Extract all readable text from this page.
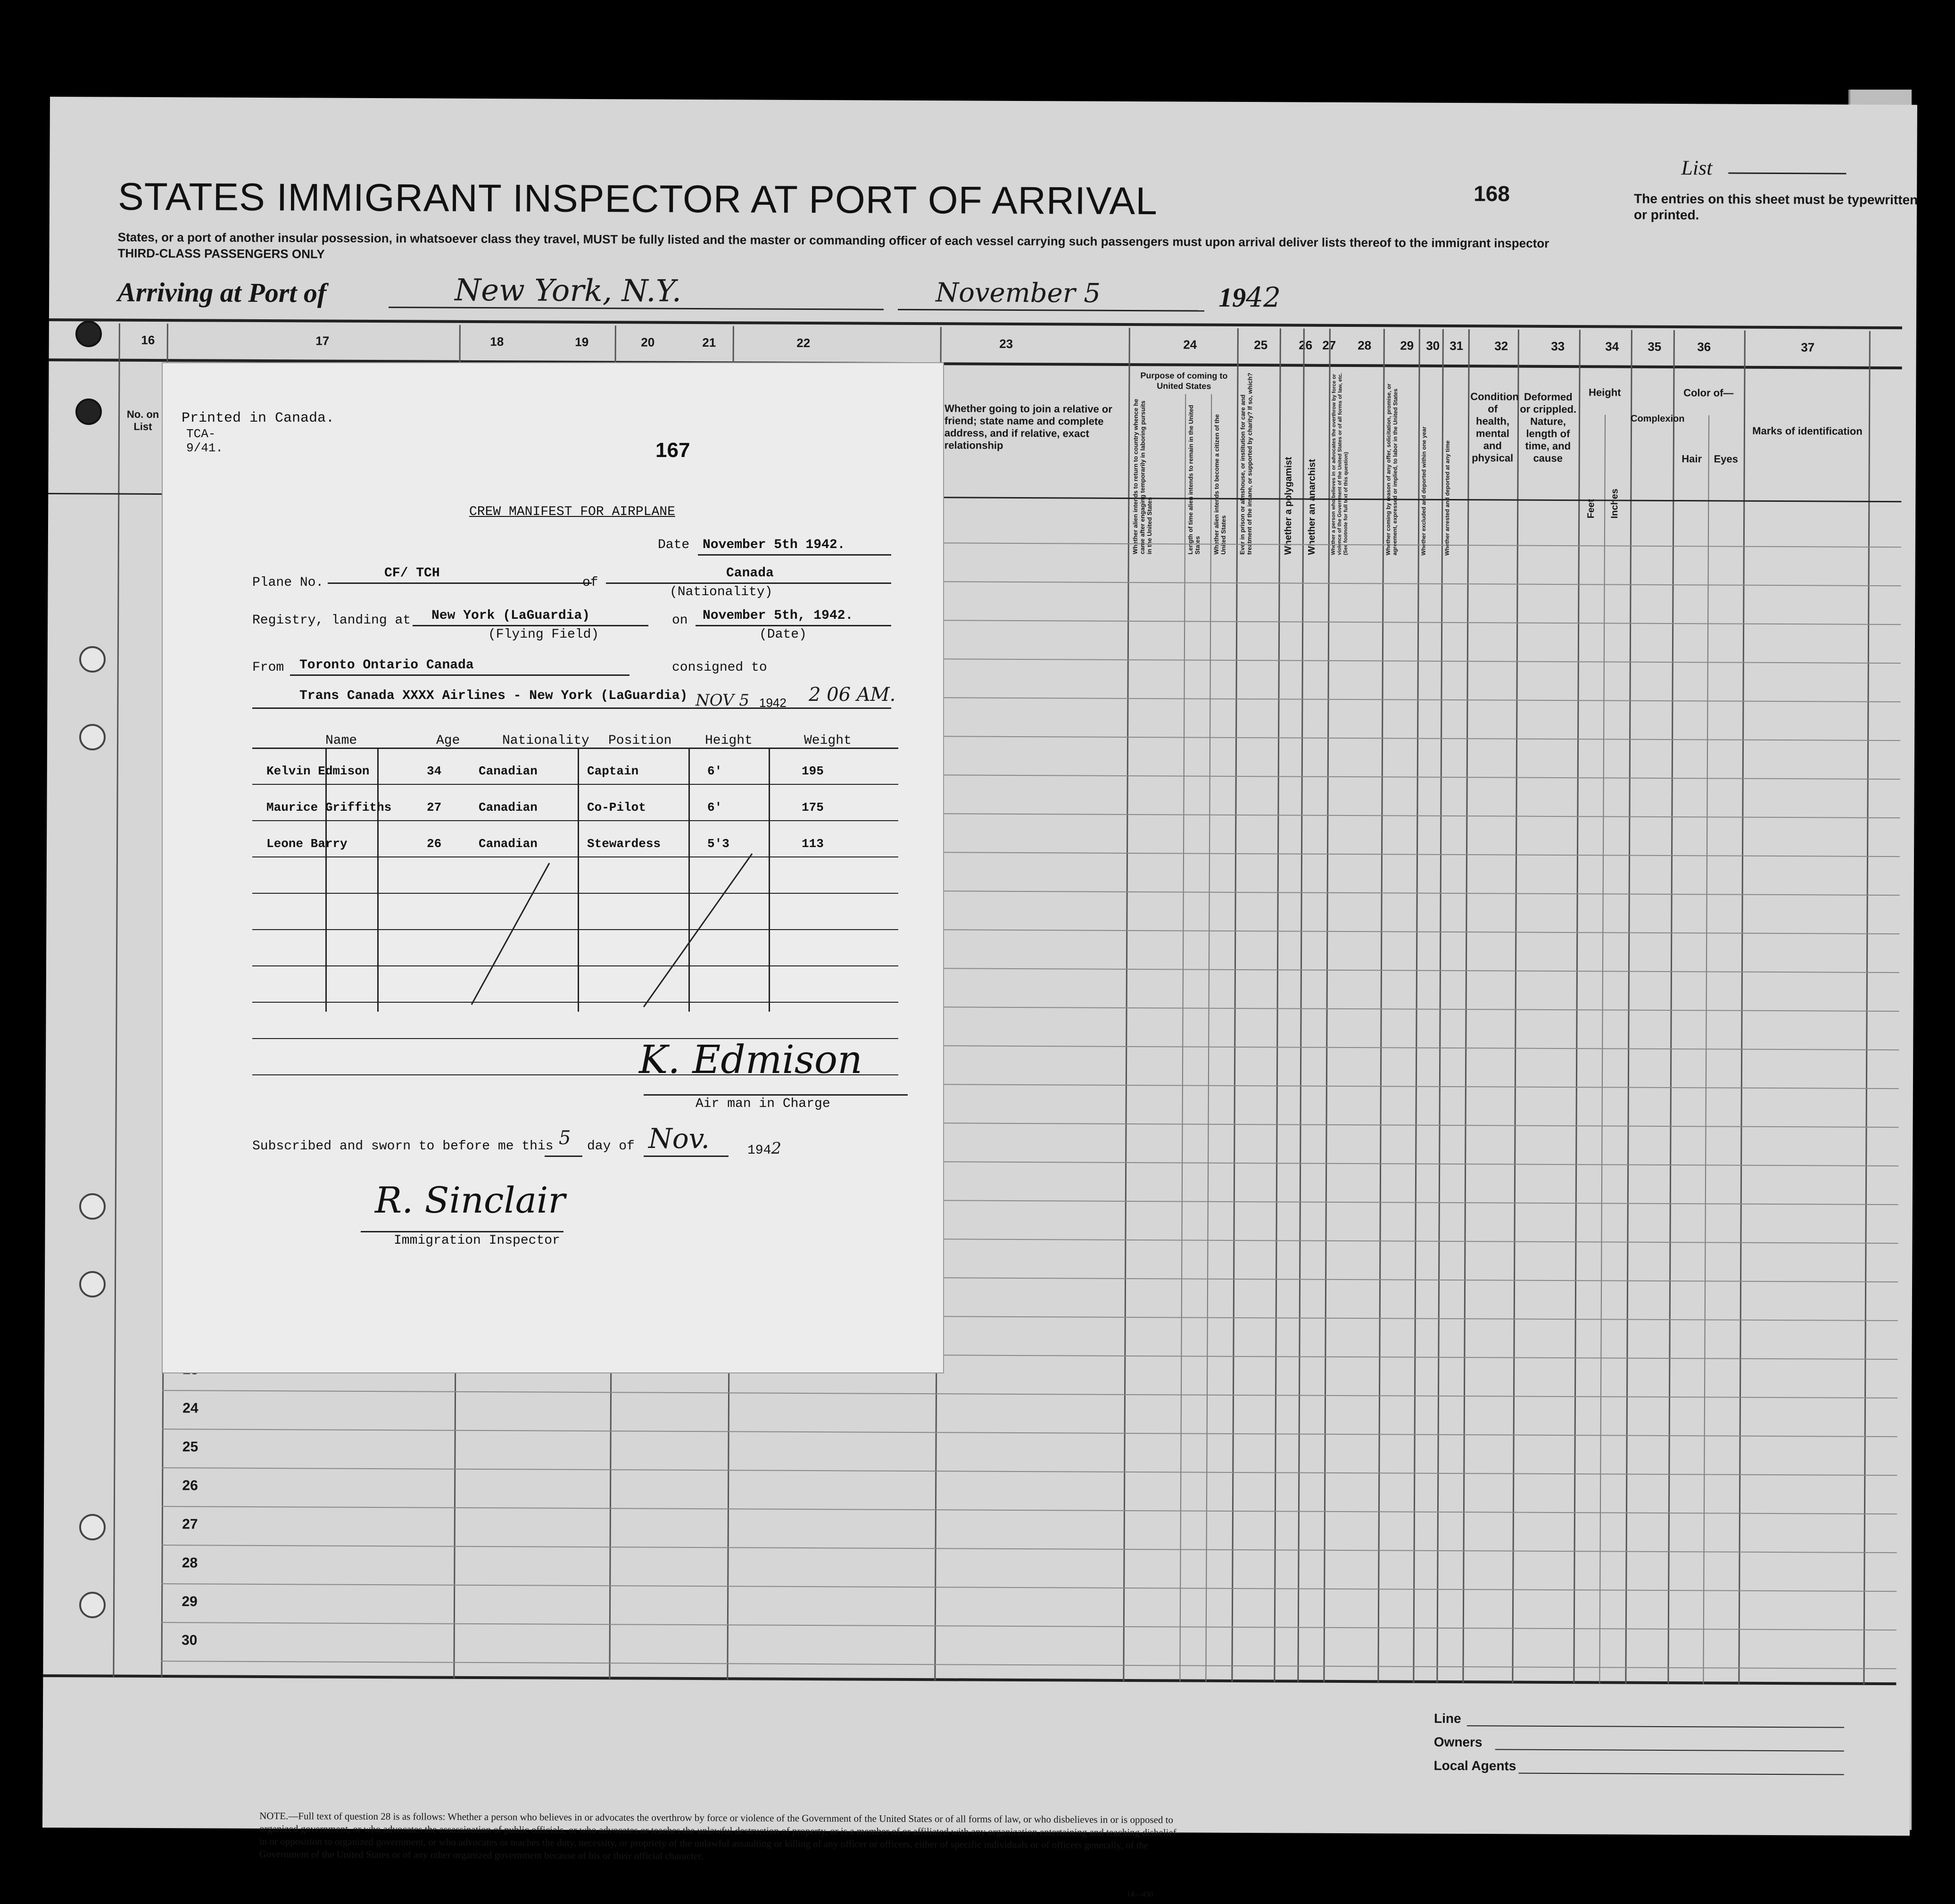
STATES IMMIGRANT INSPECTOR AT PORT OF ARRIVAL	168
List
The entries on this sheet must be typewritten or printed.
States, or a port of another insular possession, in whatsoever class they travel, MUST be fully listed and the master or commanding officer of each vessel carrying such passengers must upon arrival deliver lists thereof to the immigrant inspector
THIRD-CLASS PASSENGERS ONLY
Arriving at Port of	New York, N.Y.	November 5	1942
16	17	18	19	20	21	22	23	24	25	26 27	28	29 30 31	32	33	34	35	36	37
No. on List
Whether going to join a relative or friend; state name and complete address, and if relative, exact relationship
Purpose of coming to United States
Whether alien intends to return to country whence he came after engaging temporarily in laboring pursuits in the United States	Length of time alien intends to remain in the United States	Whether alien intends to become a citizen of the United States	Ever in prison or almshouse, or institution for care and treatment of the insane, or supported by charity? If so, which?	Whether a polygamist	Whether an anarchist	Whether a person who believes in or advocates the overthrow by force or violence of the Government of the United States or of all forms of law, etc. (See footnote for full text of this question)	Whether coming by reason of any offer, solicitation, promise, or agreement, expressed or implied, to labor in the United States	Whether excluded and deported within one year	Whether arrested and deported at any time
Condition of health, mental and physical
Deformed or crippled. Nature, length of time, and cause
Height
Feet	Inches
Complexion
Color of—
Hair	Eyes
Marks of identification
24
25
26
27
28
29
30
NOTE.—Full text of question 28 is as follows: Whether a person who believes in or advocates the overthrow by force or violence of the Government of the United States or of all forms of law, or who disbelieves in or is opposed to organized government, or who advocates the assassination of public officials, or who advocates or teaches the unlawful destruction of property, or is a member of or affiliated with any organization entertaining and teaching disbelief in or opposition to organized government, or who advocates or teaches the duty, necessity, or propriety of the unlawful assaulting or killing of any officer or officers, either of specific individuals or of officers generally, of the Government of the United States or of any other organized government because of his or their official character.
14—430
Line
Owners
Local Agents
Printed in Canada.
TCA-
9/41.	167
CREW MANIFEST FOR AIRPLANE
Date November 5th 1942.
Plane No.
CF/ TCH
of
Canada
(Nationality)
Registry, landing at New York (LaGuardia)
(Flying Field)
on November 5th, 1942.
(Date)
From Toronto Ontario Canada	consigned to
Trans Canada XXXX Airlines - New York (LaGuardia) NOV 5 1942 2 06 AM.
Name	Age	Nationality Position	Height	Weight
Kelvin Edmison	34	Canadian	Captain	6'	195
Maurice Griffiths	27	Canadian	Co-Pilot	6'	175
Leone Barry	26	Canadian	Stewardess	5'3	113
K. Edmison
Air man in Charge
Subscribed and sworn to before me this 5 day of Nov.	1942
R. Sinclair
Immigration Inspector
